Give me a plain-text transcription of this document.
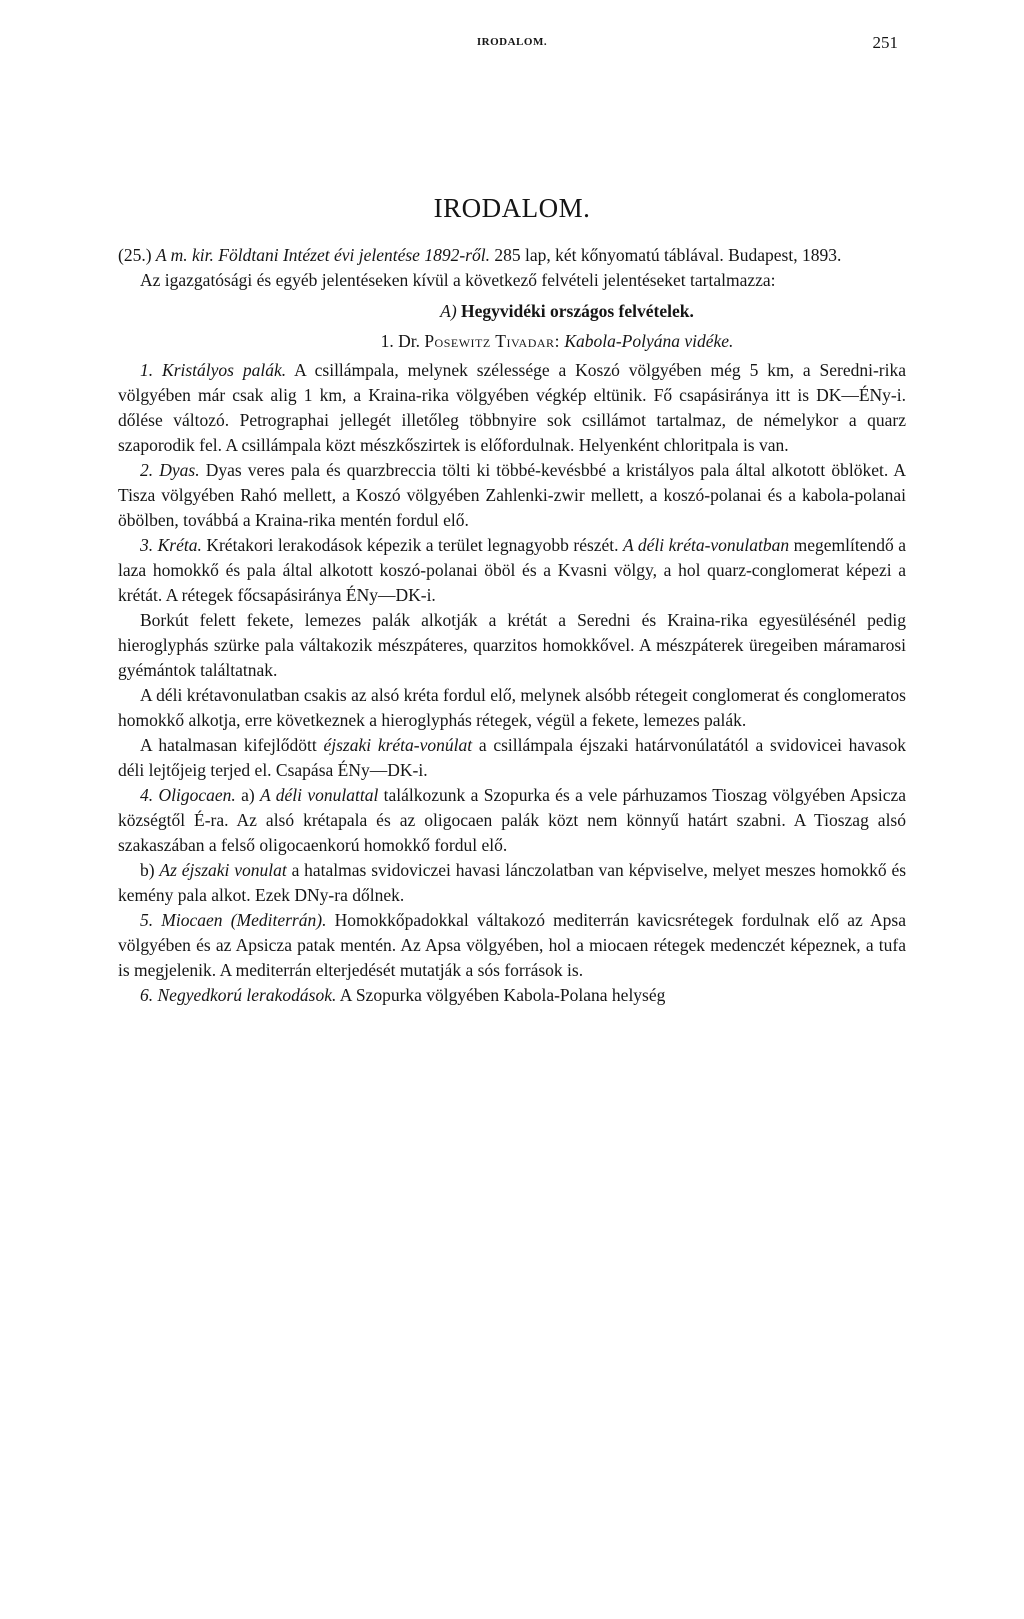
IRODALOM.	251
IRODALOM.

(25.) A m. kir. Földtani Intézet évi jelentése 1892-ről. 285 lap, két kőnyomatú táblával. Budapest, 1893.

Az igazgatósági és egyéb jelentéseken kívül a következő felvételi jelentéseket tartalmazza:

A) Hegyvidéki országos felvételek.

1. Dr. Posewitz Tivadar: Kabola-Polyána vidéke.

1. Kristályos palák. A csillámpala, melynek szélessége a Koszó völgyében még 5 km, a Seredni-rika völgyében már csak alig 1 km, a Kraina-rika völgyében végkép eltünik. Fő csapásiránya itt is DK—ÉNy-i. dőlése változó. Petrographai jellegét illetőleg többnyire sok csillámot tartalmaz, de némelykor a quarz szaporodik fel. A csillámpala közt mészkőszirtek is előfordulnak. Helyenként chloritpala is van.

2. Dyas. Dyas veres pala és quarzbreccia tölti ki többé-kevésbbé a kristályos pala által alkotott öblöket. A Tisza völgyében Rahó mellett, a Koszó völgyében Zahlenki-zwir mellett, a koszó-polanai és a kabola-polanai öbölben, továbbá a Kraina-rika mentén fordul elő.

3. Kréta. Krétakori lerakodások képezik a terület legnagyobb részét. A déli kréta-vonulatban megemlítendő a laza homokkő és pala által alkotott koszó-polanai öböl és a Kvasni völgy, a hol quarz-conglomerat képezi a krétát. A rétegek főcsapásiránya ÉNy—DK-i.

Borkút felett fekete, lemezes palák alkotják a krétát a Seredni és Kraina-rika egyesülésénél pedig hieroglyphás szürke pala váltakozik mészpáteres, quarzitos homokkővel. A mészpáterek üregeiben máramarosi gyémántok találtatnak.

A déli krétavonulatban csakis az alsó kréta fordul elő, melynek alsóbb rétegeit conglomerat és conglomeratos homokkő alkotja, erre következnek a hieroglyphás rétegek, végül a fekete, lemezes palák.

A hatalmasan kifejlődött éjszaki kréta-vonúlat a csillámpala éjszaki határvonúlatától a svidovicei havasok déli lejtőjeig terjed el. Csapása ÉNy—DK-i.

4. Oligocaen. a) A déli vonulattal találkozunk a Szopurka és a vele párhuzamos Tioszag völgyében Apsicza községtől É-ra. Az alsó krétapala és az oligocaen palák közt nem könnyű határt szabni. A Tioszag alsó szakaszában a felső oligocaenkorú homokkő fordul elő.

b) Az éjszaki vonulat a hatalmas svidoviczei havasi lánczolatban van képviselve, melyet meszes homokkő és kemény pala alkot. Ezek DNy-ra dőlnek.

5. Miocaen (Mediterrán). Homokkőpadokkal váltakozó mediterrán kavicsrétegek fordulnak elő az Apsa völgyében és az Apsicza patak mentén. Az Apsa völgyében, hol a miocaen rétegek medenczét képeznek, a tufa is megjelenik. A mediterrán elterjedését mutatják a sós források is.

6. Negyedkorú lerakodások. A Szopurka völgyében Kabola-Polana helység
